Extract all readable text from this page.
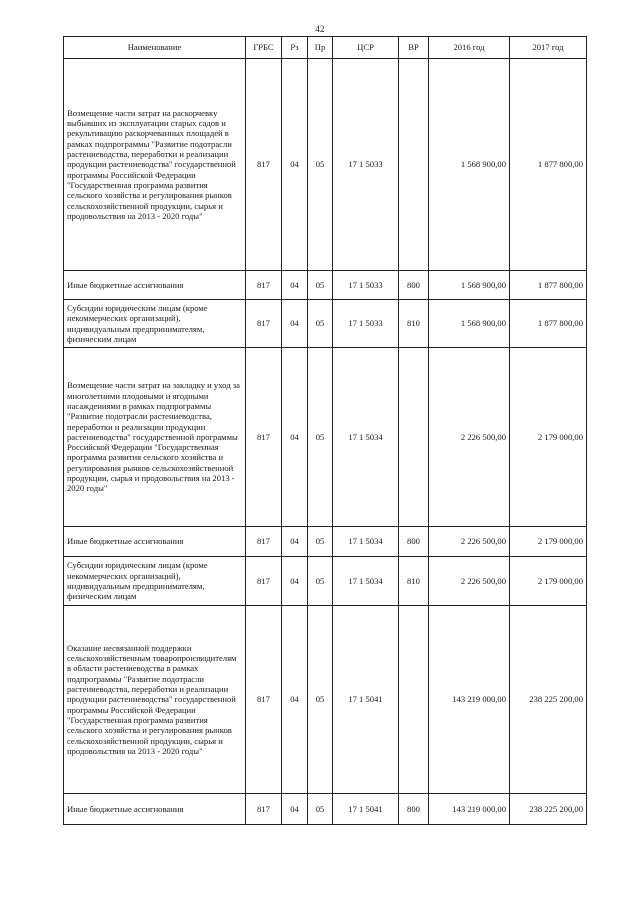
42
Наименование	ГРБС	Рз	Пр	ЦСР	ВР	2016 год	2017 год
Возмещение части затрат на раскорчевку выбывших из эксплуатации старых садов и рекультивацию раскорчеванных площадей в рамках подпрограммы "Развитие подотрасли растениеводства, переработки и реализации продукции растениеводства" государственной программы Российской Федерации "Государственная программа развития сельского хозяйства и регулирования рынков сельскохозяйственной продукции, сырья и продовольствия на 2013 - 2020 годы"	817	04	05	17 1 5033		1 568 900,00	1 877 800,00
Иные бюджетные ассигнования	817	04	05	17 1 5033	800	1 568 900,00	1 877 800,00
Субсидии юридическим лицам (кроме некоммерческих организаций), индивидуальным предпринимателям, физическим лицам	817	04	05	17 1 5033	810	1 568 900,00	1 877 800,00
Возмещение части затрат на закладку и уход за многолетними плодовыми и ягодными насаждениями в рамках подпрограммы "Развитие подотрасли растениеводства, переработки и реализации продукции растениеводства" государственной программы Российской Федерации "Государственная программа развития сельского хозяйства и регулирования рынков сельскохозяйственной продукции, сырья и продовольствия на 2013 - 2020 годы"	817	04	05	17 1 5034		2 226 500,00	2 179 000,00
Иные бюджетные ассигнования	817	04	05	17 1 5034	800	2 226 500,00	2 179 000,00
Субсидии юридическим лицам (кроме некоммерческих организаций), индивидуальным предпринимателям, физическим лицам	817	04	05	17 1 5034	810	2 226 500,00	2 179 000,00
Оказание несвязанной поддержки сельскохозяйственным товаропроизводителям в области растениеводства в рамках подпрограммы "Развитие подотрасли растениеводства, переработки и реализации продукции растениеводства" государственной программы Российской Федерации "Государственная программа развития сельского хозяйства и регулирования рынков сельскохозяйственной продукции, сырья и продовольствия на 2013 - 2020 годы"	817	04	05	17 1 5041		143 219 000,00	238 225 200,00
Иные бюджетные ассигнования	817	04	05	17 1 5041	800	143 219 000,00	238 225 200,00
